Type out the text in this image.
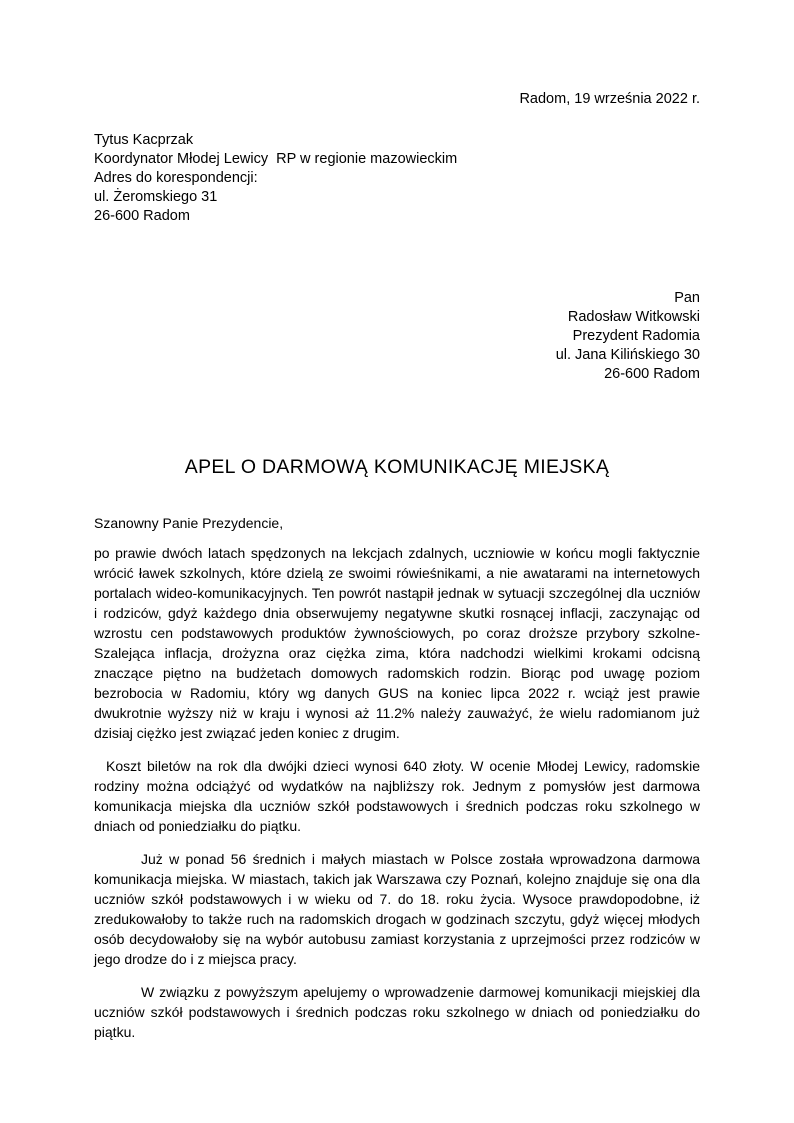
Radom, 19 września 2022 r.
Tytus Kacprzak
Koordynator Młodej Lewicy  RP w regionie mazowieckim
Adres do korespondencji:
ul. Żeromskiego 31
26-600 Radom
Pan
Radosław Witkowski
Prezydent Radomia
ul. Jana Kilińskiego 30
26-600 Radom
APEL O DARMOWĄ KOMUNIKACJĘ MIEJSKĄ
Szanowny Panie Prezydencie,

po prawie dwóch latach spędzonych na lekcjach zdalnych, uczniowie w końcu mogli faktycznie wrócić ławek szkolnych, które dzielą ze swoimi rówieśnikami, a nie awatarami na internetowych portalach wideo-komunikacyjnych. Ten powrót nastąpił jednak w sytuacji szczególnej dla uczniów i rodziców, gdyż każdego dnia obserwujemy negatywne skutki rosnącej inflacji, zaczynając od wzrostu cen podstawowych produktów żywnościowych, po coraz droższe przybory szkolne- Szalejąca inflacja, drożyzna oraz ciężka zima, która nadchodzi wielkimi krokami odcisną znaczące piętno na budżetach domowych radomskich rodzin. Biorąc pod uwagę poziom bezrobocia w Radomiu, który wg danych GUS na koniec lipca 2022 r. wciąż jest prawie dwukrotnie wyższy niż w kraju i wynosi aż 11.2% należy zauważyć, że wielu radomianom już dzisiaj ciężko jest związać jeden koniec z drugim.

Koszt biletów na rok dla dwójki dzieci wynosi 640 złoty. W ocenie Młodej Lewicy, radomskie rodziny można odciążyć od wydatków na najbliższy rok. Jednym z pomysłów jest darmowa komunikacja miejska dla uczniów szkół podstawowych i średnich podczas roku szkolnego w dniach od poniedziałku do piątku.

Już w ponad 56 średnich i małych miastach w Polsce została wprowadzona darmowa komunikacja miejska. W miastach, takich jak Warszawa czy Poznań, kolejno znajduje się ona dla uczniów szkół podstawowych i w wieku od 7. do 18. roku życia. Wysoce prawdopodobne, iż zredukowałoby to także ruch na radomskich drogach w godzinach szczytu, gdyż więcej młodych osób decydowałoby się na wybór autobusu zamiast korzystania z uprzejmości przez rodziców w jego drodze do i z miejsca pracy.

W związku z powyższym apelujemy o wprowadzenie darmowej komunikacji miejskiej dla uczniów szkół podstawowych i średnich podczas roku szkolnego w dniach od poniedziałku do piątku.
